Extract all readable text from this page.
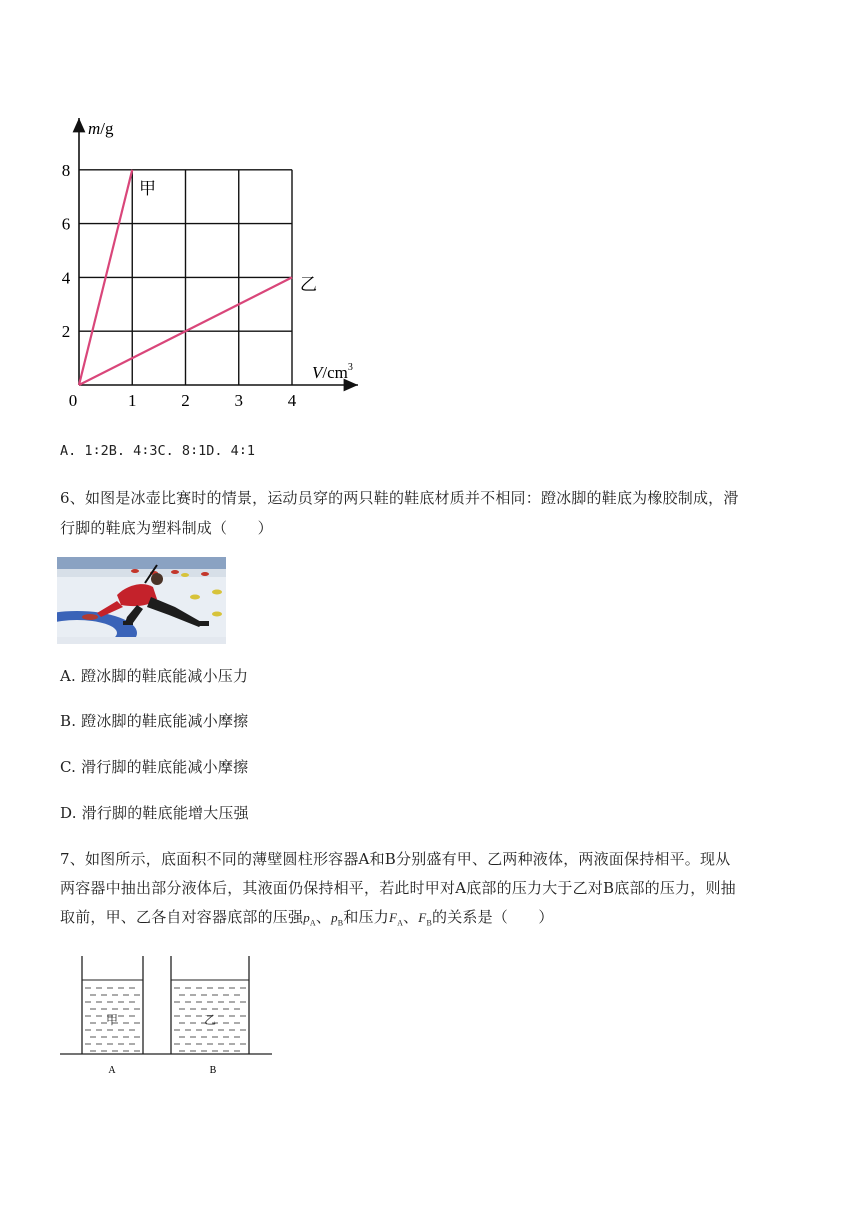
2
4
6
8
1	2	3	4
0
m/g
$V/cm^3$
甲
乙
A. 1∶2B. 4∶3C. 8∶1D. 4∶1
6、如图是冰壶比赛时的情景，运动员穿的两只鞋的鞋底材质并不相同：蹬冰脚的鞋底为橡胶制成，滑
行脚的鞋底为塑料制成（　　）
A. 蹬冰脚的鞋底能减小压力
B. 蹬冰脚的鞋底能减小摩擦
C. 滑行脚的鞋底能减小摩擦
D. 滑行脚的鞋底能增大压强
7、如图所示，底面积不同的薄壁圆柱形容器A和B分别盛有甲、乙两种液体，两液面保持相平。现从
两容器中抽出部分液体后，其液面仍保持相平，若此时甲对A底部的压力大于乙对B底部的压力，则抽
取前，甲、乙各自对容器底部的压强$p_A$、$p_B$和压力$F_A$、$F_B$的关系是（　　）
甲	乙
A	B
